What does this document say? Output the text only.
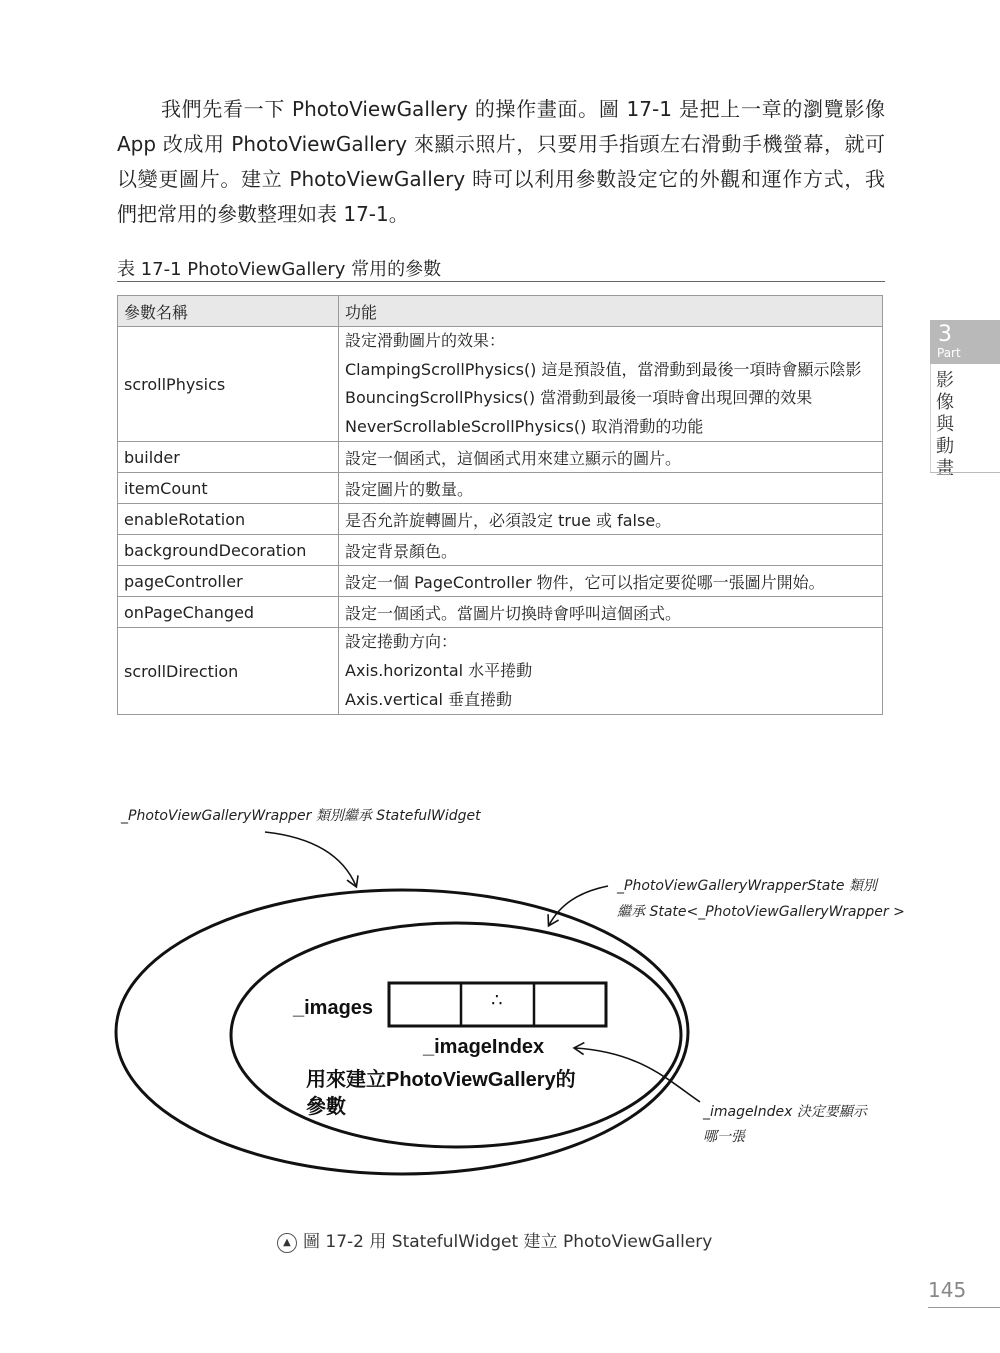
我們先看一下 PhotoViewGallery 的操作畫面。圖 17-1 是把上一章的瀏覽影像 App 改成用 PhotoViewGallery 來顯示照片，只要用手指頭左右滑動手機螢幕，就可以變更圖片。建立 PhotoViewGallery 時可以利用參數設定它的外觀和運作方式，我們把常用的參數整理如表 17-1。

表 17-1 PhotoViewGallery 常用的參數
參數名稱	功能
scrollPhysics	設定滑動圖片的效果：
ClampingScrollPhysics() 這是預設值，當滑動到最後一項時會顯示陰影
BouncingScrollPhysics() 當滑動到最後一項時會出現回彈的效果
NeverScrollableScrollPhysics() 取消滑動的功能

builder	設定一個函式，這個函式用來建立顯示的圖片。
itemCount	設定圖片的數量。
enableRotation	是否允許旋轉圖片，必須設定 true 或 false。
backgroundDecoration	設定背景顏色。
pageController	設定一個 PageController 物件，它可以指定要從哪一張圖片開始。
onPageChanged	設定一個函式。當圖片切換時會呼叫這個函式。
scrollDirection	設定捲動方向：
Axis.horizontal 水平捲動
Axis.vertical 垂直捲動
3
Part
影
像
與
動
畫
_PhotoViewGalleryWrapper 類別繼承 StatefulWidget
_PhotoViewGalleryWrapperState 類別
繼承 State<_PhotoViewGalleryWrapper >
_images	∴
_imageIndex
用來建立PhotoViewGallery的
參數	_imageIndex 決定要顯示
哪一張
▲ 圖 17-2 用 StatefulWidget 建立 PhotoViewGallery
145
